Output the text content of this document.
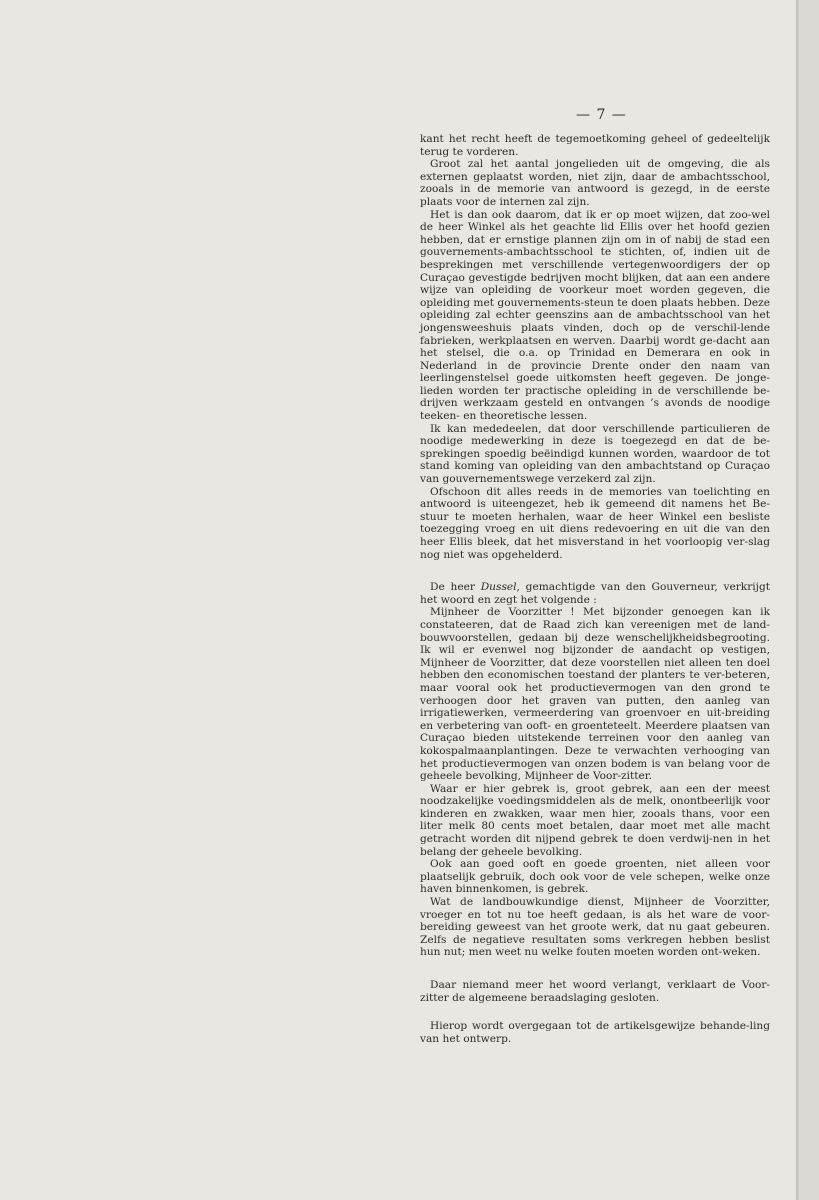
— 7 —

kant het recht heeft de tegemoetkoming geheel of gedeeltelijk terug te vorderen.

Groot zal het aantal jongelieden uit de omgeving, die als externen geplaatst worden, niet zijn, daar de ambachtsschool, zooals in de memorie van antwoord is gezegd, in de eerste plaats voor de internen zal zijn.

Het is dan ook daarom, dat ik er op moet wijzen, dat zoo-wel de heer Winkel als het geachte lid Ellis over het hoofd gezien hebben, dat er ernstige plannen zijn om in of nabij de stad een gouvernements-ambachtsschool te stichten, of, indien uit de besprekingen met verschillende vertegenwoordigers der op Curaçao gevestigde bedrijven mocht blijken, dat aan een andere wijze van opleiding de voorkeur moet worden gegeven, die opleiding met gouvernements-steun te doen plaats hebben. Deze opleiding zal echter geenszins aan de ambachtsschool van het jongensweeshuis plaats vinden, doch op de verschil-lende fabrieken, werkplaatsen en werven. Daarbij wordt ge-dacht aan het stelsel, die o.a. op Trinidad en Demerara en ook in Nederland in de provincie Drente onder den naam van leerlingenstelsel goede uitkomsten heeft gegeven. De jonge-lieden worden ter practische opleiding in de verschillende be-drijven werkzaam gesteld en ontvangen ’s avonds de noodige teeken- en theoretische lessen.

Ik kan mededeelen, dat door verschillende particulieren de noodige medewerking in deze is toegezegd en dat de be-sprekingen spoedig beëindigd kunnen worden, waardoor de tot stand koming van opleiding van den ambachtstand op Curaçao van gouvernementswege verzekerd zal zijn.

Ofschoon dit alles reeds in de memories van toelichting en antwoord is uiteengezet, heb ik gemeend dit namens het Be-stuur te moeten herhalen, waar de heer Winkel een besliste toezegging vroeg en uit diens redevoering en uit die van den heer Ellis bleek, dat het misverstand in het voorloopig ver-slag nog niet was opgehelderd.

De heer Dussel, gemachtigde van den Gouverneur, verkrijgt het woord en zegt het volgende :

Mijnheer de Voorzitter ! Met bijzonder genoegen kan ik constateeren, dat de Raad zich kan vereenigen met de land-bouwvoorstellen, gedaan bij deze wenschelijkheidsbegrooting. Ik wil er evenwel nog bijzonder de aandacht op vestigen, Mijnheer de Voorzitter, dat deze voorstellen niet alleen ten doel hebben den economischen toestand der planters te ver-beteren, maar vooral ook het productievermogen van den grond te verhoogen door het graven van putten, den aanleg van irrigatiewerken, vermeerdering van groenvoer en uit-breiding en verbetering van ooft- en groenteteelt. Meerdere plaatsen van Curaçao bieden uitstekende terreinen voor den aanleg van kokospalmaanplantingen. Deze te verwachten verhooging van het productievermogen van onzen bodem is van belang voor de geheele bevolking, Mijnheer de Voor-zitter.

Waar er hier gebrek is, groot gebrek, aan een der meest noodzakelijke voedingsmiddelen als de melk, onontbeerlijk voor kinderen en zwakken, waar men hier, zooals thans, voor een liter melk 80 cents moet betalen, daar moet met alle macht getracht worden dit nijpend gebrek te doen verdwij-nen in het belang der geheele bevolking.

Ook aan goed ooft en goede groenten, niet alleen voor plaatselijk gebruik, doch ook voor de vele schepen, welke onze haven binnenkomen, is gebrek.

Wat de landbouwkundige dienst, Mijnheer de Voorzitter, vroeger en tot nu toe heeft gedaan, is als het ware de voor-bereiding geweest van het groote werk, dat nu gaat gebeuren. Zelfs de negatieve resultaten soms verkregen hebben beslist hun nut; men weet nu welke fouten moeten worden ont-weken.

Daar niemand meer het woord verlangt, verklaart de Voor-zitter de algemeene beraadslaging gesloten.

Hierop wordt overgegaan tot de artikelsgewijze behande-ling van het ontwerp.
